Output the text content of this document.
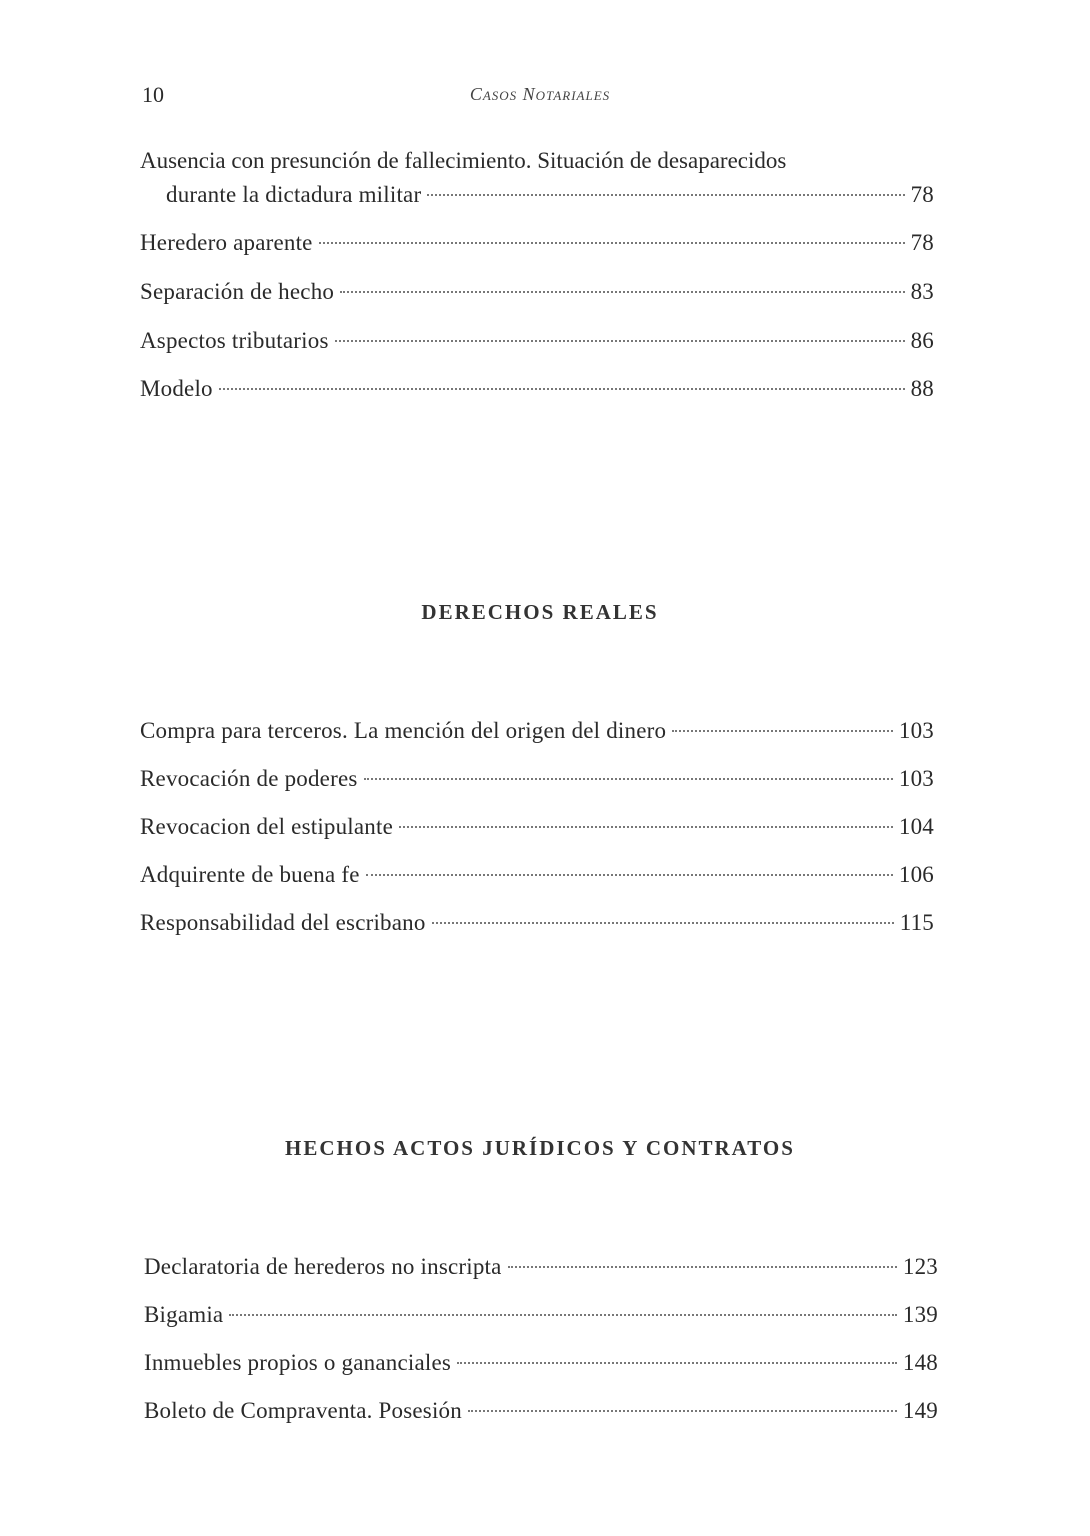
10	Casos Notariales
Ausencia con presunción de fallecimiento. Situación de desaparecidos
durante la dictadura militar	78
Heredero aparente	78
Separación de hecho	83
Aspectos tributarios	86
Modelo	88
DERECHOS REALES
Compra para terceros. La mención del origen del dinero	103
Revocación de poderes	103
Revocacion del estipulante	104
Adquirente de buena fe	106
Responsabilidad del escribano	115
HECHOS ACTOS JURÍDICOS Y CONTRATOS
Declaratoria de herederos no inscripta	123
Bigamia	139
Inmuebles propios o gananciales	148
Boleto de Compraventa. Posesión	149
